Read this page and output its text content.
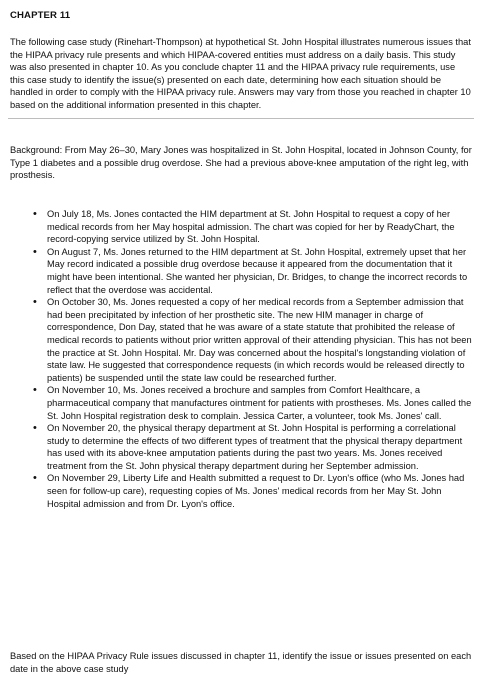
CHAPTER 11

The following case study (Rinehart-Thompson) at hypothetical St. John Hospital illustrates numerous issues that the HIPAA privacy rule presents and which HIPAA-covered entities must address on a daily basis. This study was also presented in chapter 10. As you conclude chapter 11 and the HIPAA privacy rule requirements, use this case study to identify the issue(s) presented on each date, determining how each situation should be handled in order to comply with the HIPAA privacy rule. Answers may vary from those you reached in chapter 10 based on the additional information presented in this chapter.

Background: From May 26–30, Mary Jones was hospitalized in St. John Hospital, located in Johnson County, for Type 1 diabetes and a possible drug overdose. She had a previous above-knee amputation of the right leg, with prosthesis.

• On July 18, Ms. Jones contacted the HIM department at St. John Hospital to request a copy of her medical records from her May hospital admission. The chart was copied for her by ReadyChart, the record-copying service utilized by St. John Hospital.
• On August 7, Ms. Jones returned to the HIM department at St. John Hospital, extremely upset that her May record indicated a possible drug overdose because it appeared from the documentation that it might have been intentional. She wanted her physician, Dr. Bridges, to change the incorrect records to reflect that the overdose was accidental.
• On October 30, Ms. Jones requested a copy of her medical records from a September admission that had been precipitated by infection of her prosthetic site. The new HIM manager in charge of correspondence, Don Day, stated that he was aware of a state statute that prohibited the release of medical records to patients without prior written approval of their attending physician. This has not been the practice at St. John Hospital. Mr. Day was concerned about the hospital's longstanding violation of state law. He suggested that correspondence requests (in which records would be released directly to patients) be suspended until the state law could be researched further.
• On November 10, Ms. Jones received a brochure and samples from Comfort Healthcare, a pharmaceutical company that manufactures ointment for patients with prostheses. Ms. Jones called the St. John Hospital registration desk to complain. Jessica Carter, a volunteer, took Ms. Jones' call.
• On November 20, the physical therapy department at St. John Hospital is performing a correlational study to determine the effects of two different types of treatment that the physical therapy department has used with its above-knee amputation patients during the past two years. Ms. Jones received treatment from the St. John physical therapy department during her September admission.
• On November 29, Liberty Life and Health submitted a request to Dr. Lyon's office (who Ms. Jones had seen for follow-up care), requesting copies of Ms. Jones' medical records from her May St. John Hospital admission and from Dr. Lyon's office.

Based on the HIPAA Privacy Rule issues discussed in chapter 11, identify the issue or issues presented on each date in the above case study
